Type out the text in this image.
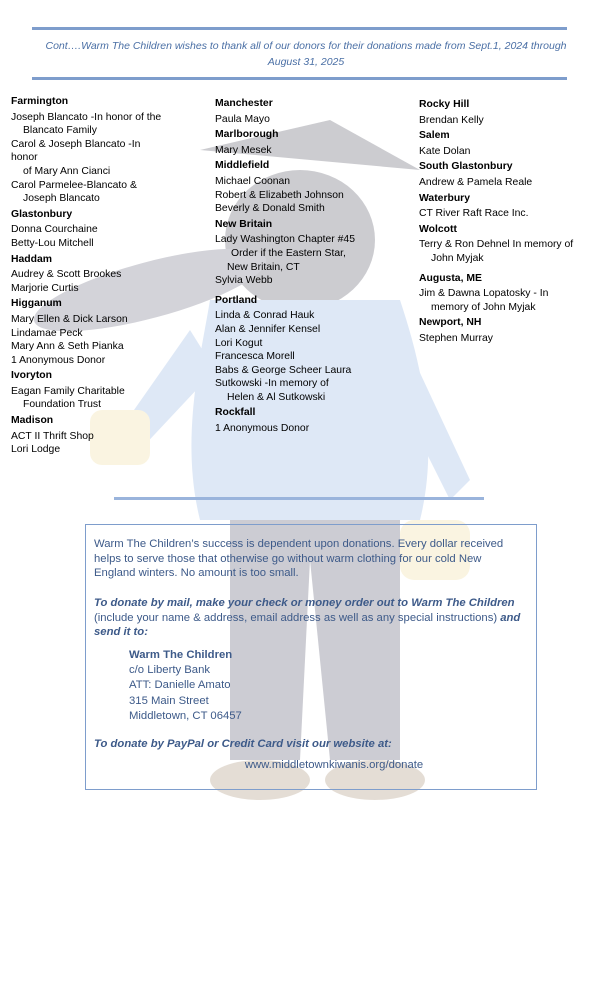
Cont….Warm The Children wishes to thank all of our donors for their donations made from Sept.1, 2024 through August 31, 2025
Farmington
Joseph Blancato -In honor of the
Blancato Family
Carol & Joseph Blancato -In
honor
of Mary Ann Cianci
Carol Parmelee-Blancato &
Joseph Blancato
Glastonbury
Donna Courchaine
Betty-Lou Mitchell
Haddam
Audrey & Scott Brookes
Marjorie Curtis
Higganum
Mary Ellen & Dick Larson
Lindamae Peck
Mary Ann & Seth Pianka
1 Anonymous Donor
Ivoryton
Eagan Family Charitable
Foundation Trust
Madison
ACT II Thrift Shop
Lori Lodge
Manchester
Paula Mayo
Marlborough
Mary Mesek
Middlefield
Michael Coonan
Robert & Elizabeth Johnson
Beverly & Donald Smith
New Britain
Lady Washington Chapter #45
Order if the Eastern Star,
New Britain, CT
Sylvia Webb
Portland
Linda & Conrad Hauk
Alan & Jennifer Kensel
Lori Kogut
Francesca Morell
Babs & George Scheer Laura
Sutkowski -In memory of
Helen & Al Sutkowski
Rockfall
1 Anonymous Donor
Rocky Hill
Brendan Kelly
Salem
Kate Dolan
South Glastonbury
Andrew & Pamela Reale
Waterbury
CT River Raft Race Inc.
Wolcott
Terry & Ron Dehnel In memory of
John Myjak
Augusta, ME
Jim & Dawna Lopatosky - In
memory of John Myjak
Newport, NH
Stephen Murray
Warm The Children’s success is dependent upon donations. Every dollar received helps to serve those that otherwise go without warm clothing for our cold New England winters. No amount is too small.
To donate by mail, make your check or money order out to Warm The Children (include your name & address, email address as well as any special instructions) and send it to:
Warm The Children
c/o Liberty Bank
ATT: Danielle Amato
315 Main Street
Middletown, CT 06457
To donate by PayPal or Credit Card visit our website at:
www.middletownkiwanis.org/donate
